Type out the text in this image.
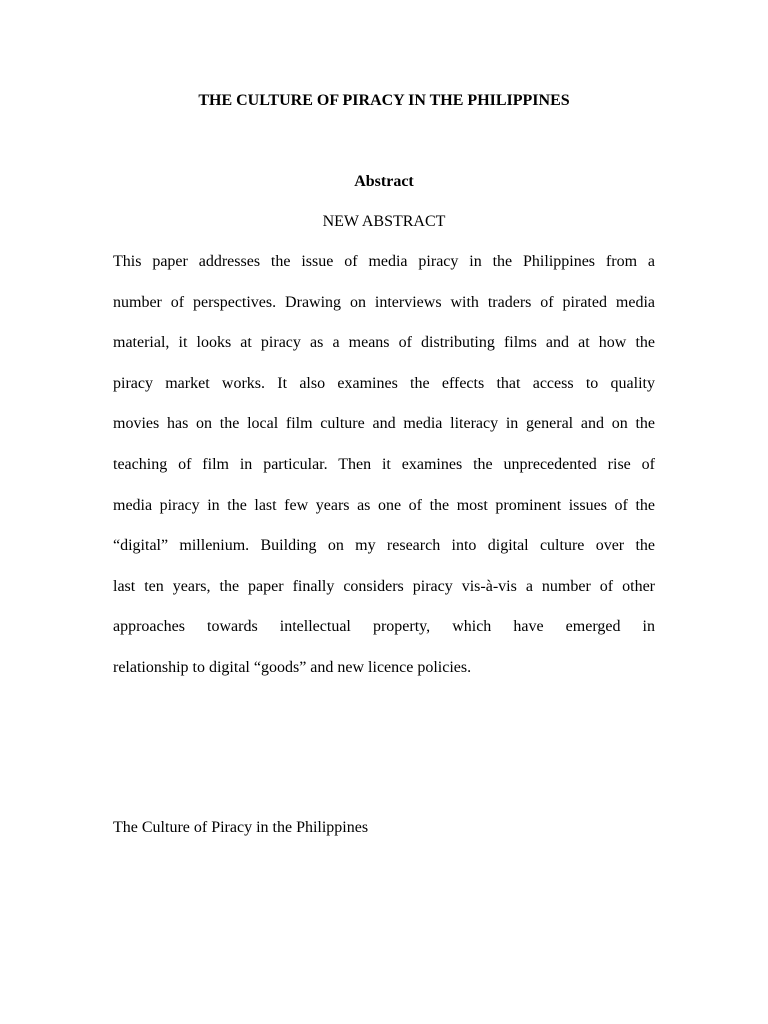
THE CULTURE OF PIRACY IN THE PHILIPPINES
Abstract

NEW ABSTRACT

This paper addresses the issue of media piracy in the Philippines from a
number of perspectives. Drawing on interviews with traders of pirated media
material, it looks at piracy as a means of distributing films and at how the
piracy market works. It also examines the effects that access to quality
movies has on the local film culture and media literacy in general and on the
teaching of film in particular. Then it examines the unprecedented rise of
media piracy in the last few years as one of the most prominent issues of the
“digital” millenium. Building on my research into digital culture over the
last ten years, the paper finally considers piracy vis-à-vis a number of other
approaches towards intellectual property, which have emerged in
relationship to digital “goods” and new licence policies.

The Culture of Piracy in the Philippines
